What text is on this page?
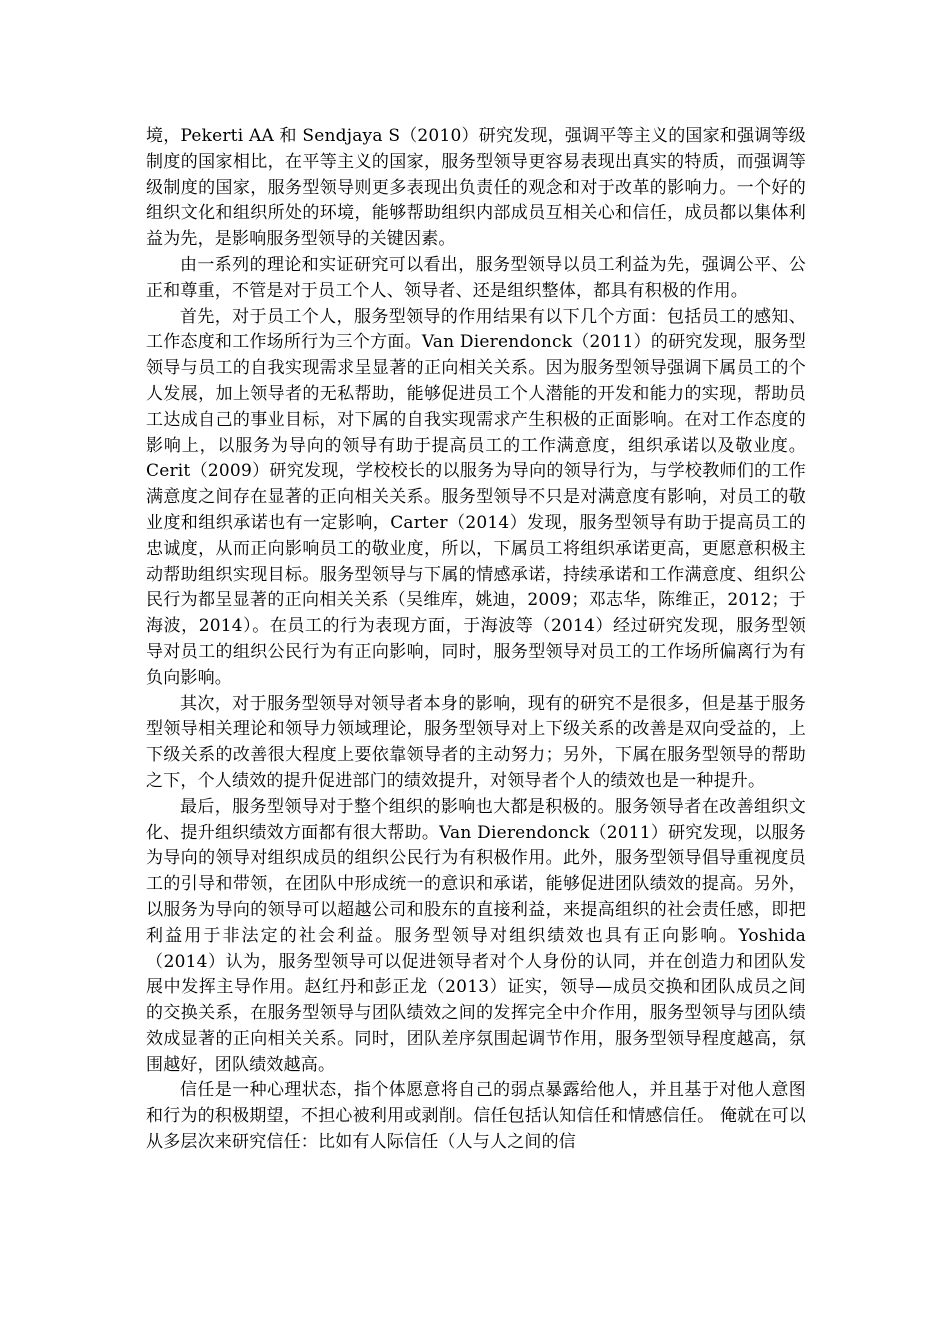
境，Pekerti AA 和 Sendjaya S（2010）研究发现，强调平等主义的国家和强调等级制度的国家相比，在平等主义的国家，服务型领导更容易表现出真实的特质，而强调等级制度的国家，服务型领导则更多表现出负责任的观念和对于改革的影响力。一个好的组织文化和组织所处的环境，能够帮助组织内部成员互相关心和信任，成员都以集体利益为先，是影响服务型领导的关键因素。

由一系列的理论和实证研究可以看出，服务型领导以员工利益为先，强调公平、公正和尊重，不管是对于员工个人、领导者、还是组织整体，都具有积极的作用。

首先，对于员工个人，服务型领导的作用结果有以下几个方面：包括员工的感知、工作态度和工作场所行为三个方面。Van Dierendonck（2011）的研究发现，服务型领导与员工的自我实现需求呈显著的正向相关关系。因为服务型领导强调下属员工的个人发展，加上领导者的无私帮助，能够促进员工个人潜能的开发和能力的实现，帮助员工达成自己的事业目标，对下属的自我实现需求产生积极的正面影响。在对工作态度的影响上，以服务为导向的领导有助于提高员工的工作满意度，组织承诺以及敬业度。 Cerit（2009）研究发现，学校校长的以服务为导向的领导行为，与学校教师们的工作满意度之间存在显著的正向相关关系。服务型领导不只是对满意度有影响，对员工的敬业度和组织承诺也有一定影响，Carter（2014）发现，服务型领导有助于提高员工的忠诚度，从而正向影响员工的敬业度，所以，下属员工将组织承诺更高，更愿意积极主动帮助组织实现目标。服务型领导与下属的情感承诺，持续承诺和工作满意度、组织公民行为都呈显著的正向相关关系（吴维库，姚迪，2009；邓志华，陈维正，2012；于海波，2014）。在员工的行为表现方面，于海波等（2014）经过研究发现，服务型领导对员工的组织公民行为有正向影响，同时，服务型领导对员工的工作场所偏离行为有负向影响。

其次，对于服务型领导对领导者本身的影响，现有的研究不是很多，但是基于服务型领导相关理论和领导力领域理论，服务型领导对上下级关系的改善是双向受益的，上下级关系的改善很大程度上要依靠领导者的主动努力；另外，下属在服务型领导的帮助之下，个人绩效的提升促进部门的绩效提升，对领导者个人的绩效也是一种提升。

最后，服务型领导对于整个组织的影响也大都是积极的。服务领导者在改善组织文化、提升组织绩效方面都有很大帮助。Van Dierendonck（2011）研究发现，以服务为导向的领导对组织成员的组织公民行为有积极作用。此外，服务型领导倡导重视度员工的引导和带领，在团队中形成统一的意识和承诺，能够促进团队绩效的提高。另外，以服务为导向的领导可以超越公司和股东的直接利益，来提高组织的社会责任感，即把利益用于非法定的社会利益。服务型领导对组织绩效也具有正向影响。Yoshida（2014）认为，服务型领导可以促进领导者对个人身份的认同，并在创造力和团队发展中发挥主导作用。赵红丹和彭正龙（2013）证实，领导—成员交换和团队成员之间的交换关系，在服务型领导与团队绩效之间的发挥完全中介作用，服务型领导与团队绩效成显著的正向相关关系。同时，团队差序氛围起调节作用，服务型领导程度越高，氛围越好，团队绩效越高。

信任是一种心理状态，指个体愿意将自己的弱点暴露给他人，并且基于对他人意图和行为的积极期望，不担心被利用或剥削。信任包括认知信任和情感信任。 俺就在可以从多层次来研究信任：比如有人际信任（人与人之间的信
